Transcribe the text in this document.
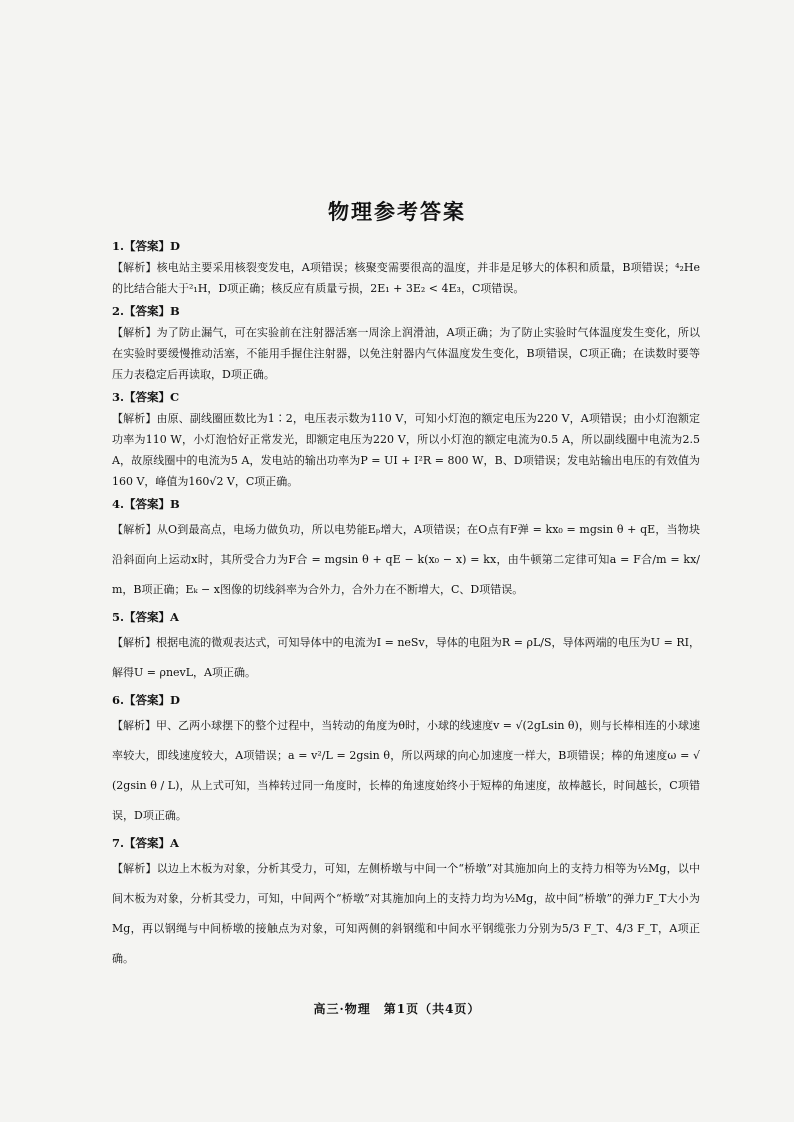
物理参考答案
1.【答案】D
【解析】核电站主要采用核裂变发电，A项错误；核聚变需要很高的温度，并非是足够大的体积和质量，B项错误；⁴₂He的比结合能大于²₁H，D项正确；核反应有质量亏损，2E₁ + 3E₂ < 4E₃，C项错误。
2.【答案】B
【解析】为了防止漏气，可在实验前在注射器活塞一周涂上润滑油，A项正确；为了防止实验时气体温度发生变化，所以在实验时要缓慢推动活塞，不能用手握住注射器，以免注射器内气体温度发生变化，B项错误，C项正确；在读数时要等压力表稳定后再读取，D项正确。
3.【答案】C
【解析】由原、副线圈匝数比为1∶2，电压表示数为110 V，可知小灯泡的额定电压为220 V，A项错误；由小灯泡额定功率为110 W，小灯泡恰好正常发光，即额定电压为220 V，所以小灯泡的额定电流为0.5 A，所以副线圈中电流为2.5 A，故原线圈中的电流为5 A，发电站的输出功率为P = UI + I²R = 800 W，B、D项错误；发电站输出电压的有效值为160 V，峰值为160√2 V，C项正确。
4.【答案】B
【解析】从O到最高点，电场力做负功，所以电势能Eₚ增大，A项错误；在O点有F弹 = kx₀ = mgsin θ + qE，当物块沿斜面向上运动x时，其所受合力为F合 = mgsin θ + qE − k(x₀ − x) = kx，由牛顿第二定律可知a = F合/m = kx/m，B项正确；Eₖ − x图像的切线斜率为合外力，合外力在不断增大，C、D项错误。
5.【答案】A
【解析】根据电流的微观表达式，可知导体中的电流为I = neSv，导体的电阻为R = ρL/S，导体两端的电压为U = RI，解得U = ρnevL，A项正确。
6.【答案】D
【解析】甲、乙两小球摆下的整个过程中，当转动的角度为θ时，小球的线速度v = √(2gLsin θ)，则与长棒相连的小球速率较大，即线速度较大，A项错误；a = v²/L = 2gsin θ，所以两球的向心加速度一样大，B项错误；棒的角速度ω = √(2gsin θ / L)，从上式可知，当棒转过同一角度时，长棒的角速度始终小于短棒的角速度，故棒越长，时间越长，C项错误，D项正确。
7.【答案】A
【解析】以边上木板为对象，分析其受力，可知，左侧桥墩与中间一个“桥墩”对其施加向上的支持力相等为½Mg，以中间木板为对象，分析其受力，可知，中间两个“桥墩”对其施加向上的支持力均为½Mg，故中间“桥墩”的弹力F_T大小为Mg，再以钢绳与中间桥墩的接触点为对象，可知两侧的斜钢缆和中间水平钢缆张力分别为5/3 F_T、4/3 F_T，A项正确。
高三·物理　第1页（共4页）
